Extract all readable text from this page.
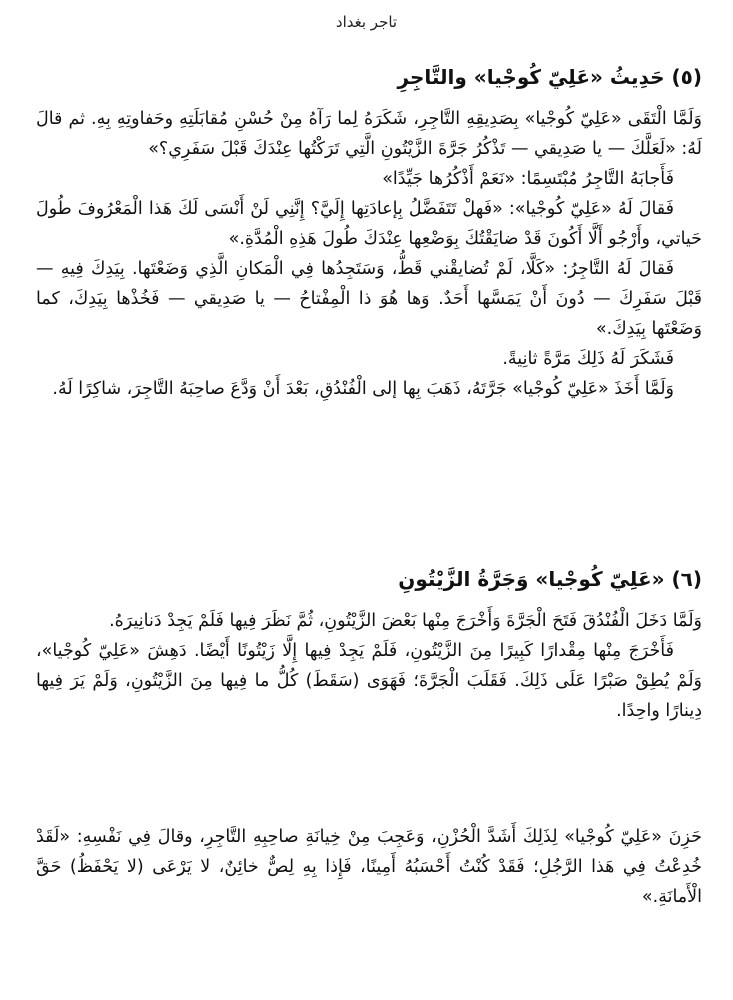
تاجر بغداد
(٥) حَدِيثُ «عَلِيّ كُوجْيا» والتَّاجِرِ

وَلَمَّا الْتَقَى «عَلِيّ كُوجْيا» بِصَدِيقِهِ التَّاجِرِ، شَكَرَهُ لِما رَآهُ مِنْ حُسْنِ مُقابَلَتِهِ وحَفاوتِهِ بِهِ. ثم قالَ لَهُ: «لَعَلَّكَ — يا صَدِيقي — تَذْكُرُ جَرَّةَ الزَّيْتُونِ الَّتِي تَرَكْتُها عِنْدَكَ قَبْلَ سَفَرِي؟»

فَأَجابَهُ التَّاجِرُ مُبْتَسِمًا: «نَعَمْ أَذْكُرُها جَيِّدًا»

فَقالَ لَهُ «عَلِيّ كُوجْيا»: «فَهلْ تَتَفَضَّلُ بِإعادَتِها إِلَيَّ؟ إِنَّنِي لَنْ أَنْسَى لَكَ هَذا الْمَعْرُوفَ طُولَ حَياتي، وأَرْجُو أَلَّا أَكُونَ قَدْ ضايَقْتُكَ بِوَضْعِها عِنْدَكَ طُولَ هَذِهِ الْمُدَّةِ.»

فَقالَ لَهُ التَّاجِرُ: «كَلَّا، لَمْ تُضايقْني قَطُّ، وَسَتَجِدُها فِي الْمَكانِ الَّذِي وَضَعْتَها. بِيَدِكَ فِيهِ — قَبْلَ سَفَرِكَ — دُونَ أَنْ يَمَسَّها أَحَدٌ. وَها هُوَ ذا الْمِفْتاحُ — يا صَدِيقي — فَخُذْها بِيَدِكَ، كما وَضَعْتَها بِيَدِكَ.»

فَشَكَرَ لَهُ ذَلِكَ مَرَّةً ثانِيةً.

وَلَمَّا أَخَذَ «عَلِيّ كُوجْيا» جَرَّتَهُ، ذَهَبَ بِها إلى الْفُنْدُقِ، بَعْدَ أَنْ وَدَّعَ صاحِبَهُ التَّاجِرَ، شاكِرًا لَهُ.

(٦) «عَلِيّ كُوجْيا» وَجَرَّةُ الزَّيْتُونِ

وَلَمَّا دَخَلَ الْفُنْدُقَ فَتَحَ الْجَرَّةَ وَأَخْرَجَ مِنْها بَعْضَ الزَّيْتُونِ، ثُمَّ نَظَرَ فِيها فَلَمْ يَجِدْ دَنانِيرَهُ.

فَأَخْرَجَ مِنْها مِقْدارًا كَبِيرًا مِنَ الزَّيْتُونِ، فَلَمْ يَجِدْ فِيها إِلَّا زَيْتُونًا أَيْضًا. دَهِشَ «عَلِيّ كُوجْيا»، وَلَمْ يُطِقْ صَبْرًا عَلَى ذَلِكَ. فَقَلَبَ الْجَرَّةَ؛ فَهَوَى (سَقَطَ) كُلُّ ما فِيها مِنَ الزَّيْتُونِ، وَلَمْ يَرَ فِيها دِينارًا واحِدًا.

حَزِنَ «عَلِيّ كُوجْيا» لِذَلِكَ أَشَدَّ الْحُزْنِ، وَعَجِبَ مِنْ خِيانَةِ صاحِبِهِ التَّاجِرِ، وقالَ فِي نَفْسِهِ: «لَقَدْ خُدِعْتُ فِي هَذا الرَّجُلِ؛ فَقَدْ كُنْتُ أَحْسَبُهُ أَمِينًا، فَإِذا بِهِ لِصٌّ خائِنٌ، لا يَرْعَى (لا يَحْفَظُ) حَقَّ الْأَمانَةِ.»
